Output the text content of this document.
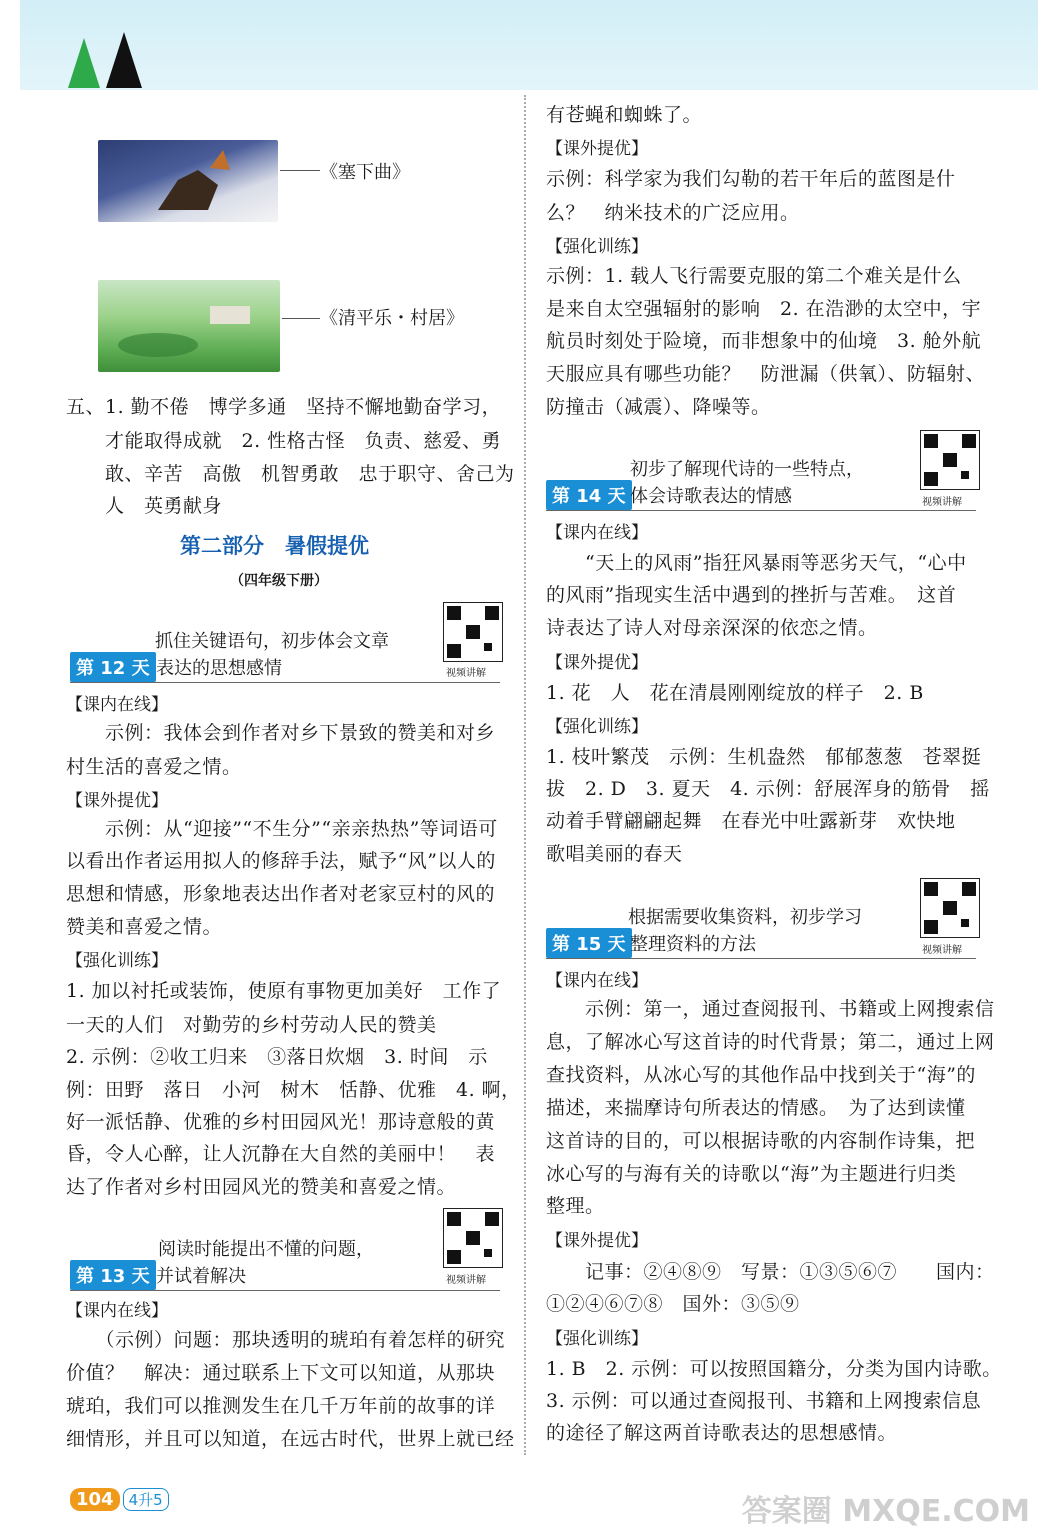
《塞下曲》
《清平乐・村居》
五、1. 勤不倦　博学多通　坚持不懈地勤奋学习，
　　才能取得成就　2. 性格古怪　负责、慈爱、勇
　　敢、辛苦　高傲　机智勇敢　忠于职守、舍己为
　　人　英勇献身
第二部分　暑假提优
（四年级下册）
抓住关键语句，初步体会文章
第 12 天 表达的思想感情	视频讲解
【课内在线】
　　示例：我体会到作者对乡下景致的赞美和对乡
村生活的喜爱之情。
【课外提优】
　　示例：从“迎接”“不生分”“亲亲热热”等词语可
以看出作者运用拟人的修辞手法，赋予“风”以人的
思想和情感，形象地表达出作者对老家豆村的风的
赞美和喜爱之情。
【强化训练】
1. 加以衬托或装饰，使原有事物更加美好　工作了
一天的人们　对勤劳的乡村劳动人民的赞美
2. 示例：②收工归来　③落日炊烟　3. 时间　示
例：田野　落日　小河　树木　恬静、优雅　4. 啊，
好一派恬静、优雅的乡村田园风光！那诗意般的黄
昏，令人心醉，让人沉静在大自然的美丽中！　表
达了作者对乡村田园风光的赞美和喜爱之情。
阅读时能提出不懂的问题，
第 13 天 并试着解决	视频讲解
【课内在线】
　　（示例）问题：那块透明的琥珀有着怎样的研究
价值？　解决：通过联系上下文可以知道，从那块
琥珀，我们可以推测发生在几千万年前的故事的详
细情形，并且可以知道，在远古时代，世界上就已经
有苍蝇和蜘蛛了。
【课外提优】
示例：科学家为我们勾勒的若干年后的蓝图是什
么？　纳米技术的广泛应用。
【强化训练】
示例：1. 载人飞行需要克服的第二个难关是什么
是来自太空强辐射的影响　2. 在浩渺的太空中，宇
航员时刻处于险境，而非想象中的仙境　3. 舱外航
天服应具有哪些功能？　防泄漏（供氧）、防辐射、
防撞击（减震）、降噪等。
初步了解现代诗的一些特点，
第 14 天 体会诗歌表达的情感	视频讲解
【课内在线】
　　“天上的风雨”指狂风暴雨等恶劣天气，“心中
的风雨”指现实生活中遇到的挫折与苦难。　这首
诗表达了诗人对母亲深深的依恋之情。
【课外提优】
1. 花　人　花在清晨刚刚绽放的样子　2. B
【强化训练】
1. 枝叶繁茂　示例：生机盎然　郁郁葱葱　苍翠挺
拔　2. D　3. 夏天　4. 示例：舒展浑身的筋骨　摇
动着手臂翩翩起舞　在春光中吐露新芽　欢快地
歌唱美丽的春天
根据需要收集资料，初步学习
第 15 天 整理资料的方法	视频讲解
【课内在线】
　　示例：第一，通过查阅报刊、书籍或上网搜索信
息，了解冰心写这首诗的时代背景；第二，通过上网
查找资料，从冰心写的其他作品中找到关于“海”的
描述，来揣摩诗句所表达的情感。　为了达到读懂
这首诗的目的，可以根据诗歌的内容制作诗集，把
冰心写的与海有关的诗歌以“海”为主题进行归类
整理。
【课外提优】
　　记事：②④⑧⑨　写景：①③⑤⑥⑦　　国内：
①②④⑥⑦⑧　国外：③⑤⑨
【强化训练】
1. B　2. 示例：可以按照国籍分，分类为国内诗歌。
3. 示例：可以通过查阅报刊、书籍和上网搜索信息
的途径了解这两首诗歌表达的思想感情。
104 4升5	答案圈 MXQE.COM
